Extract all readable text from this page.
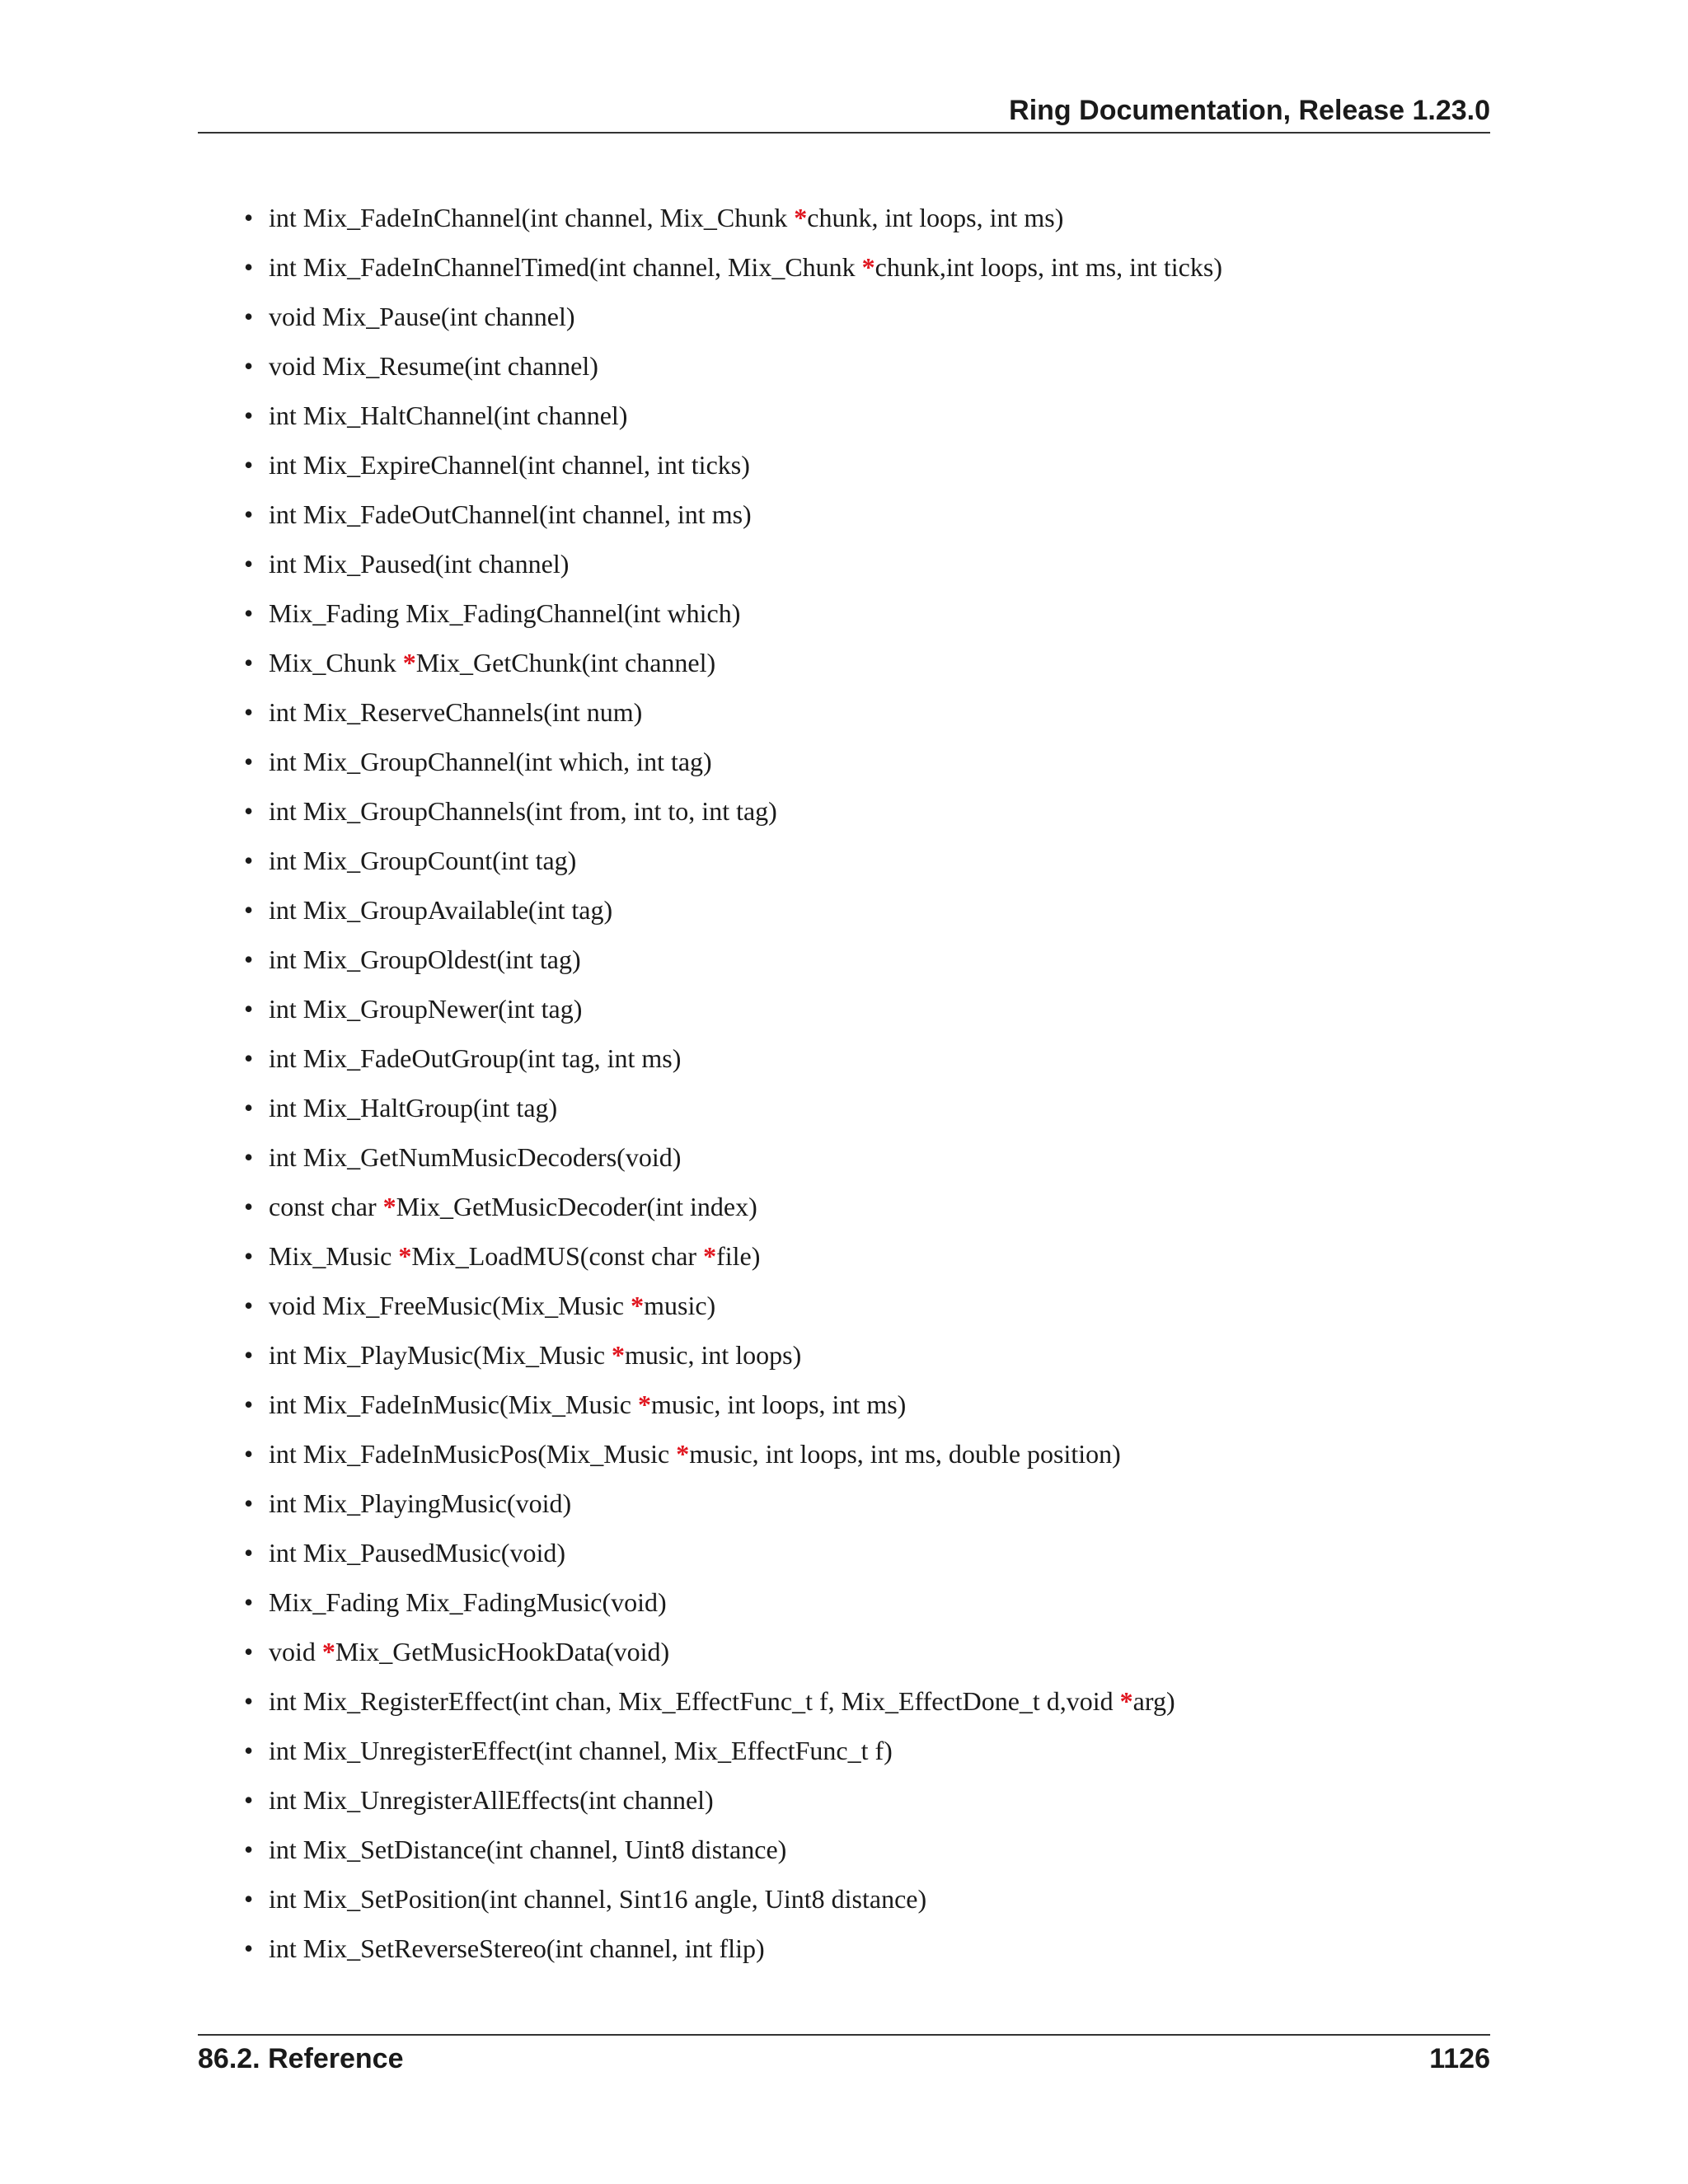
Ring Documentation, Release 1.23.0
• int Mix_FadeInChannel(int channel, Mix_Chunk *chunk, int loops, int ms)
• int Mix_FadeInChannelTimed(int channel, Mix_Chunk *chunk,int loops, int ms, int ticks)
• void Mix_Pause(int channel)
• void Mix_Resume(int channel)
• int Mix_HaltChannel(int channel)
• int Mix_ExpireChannel(int channel, int ticks)
• int Mix_FadeOutChannel(int channel, int ms)
• int Mix_Paused(int channel)
• Mix_Fading Mix_FadingChannel(int which)
• Mix_Chunk *Mix_GetChunk(int channel)
• int Mix_ReserveChannels(int num)
• int Mix_GroupChannel(int which, int tag)
• int Mix_GroupChannels(int from, int to, int tag)
• int Mix_GroupCount(int tag)
• int Mix_GroupAvailable(int tag)
• int Mix_GroupOldest(int tag)
• int Mix_GroupNewer(int tag)
• int Mix_FadeOutGroup(int tag, int ms)
• int Mix_HaltGroup(int tag)
• int Mix_GetNumMusicDecoders(void)
• const char *Mix_GetMusicDecoder(int index)
• Mix_Music *Mix_LoadMUS(const char *file)
• void Mix_FreeMusic(Mix_Music *music)
• int Mix_PlayMusic(Mix_Music *music, int loops)
• int Mix_FadeInMusic(Mix_Music *music, int loops, int ms)
• int Mix_FadeInMusicPos(Mix_Music *music, int loops, int ms, double position)
• int Mix_PlayingMusic(void)
• int Mix_PausedMusic(void)
• Mix_Fading Mix_FadingMusic(void)
• void *Mix_GetMusicHookData(void)
• int Mix_RegisterEffect(int chan, Mix_EffectFunc_t f, Mix_EffectDone_t d,void *arg)
• int Mix_UnregisterEffect(int channel, Mix_EffectFunc_t f)
• int Mix_UnregisterAllEffects(int channel)
• int Mix_SetDistance(int channel, Uint8 distance)
• int Mix_SetPosition(int channel, Sint16 angle, Uint8 distance)
• int Mix_SetReverseStereo(int channel, int flip)
86.2. Reference	1126
